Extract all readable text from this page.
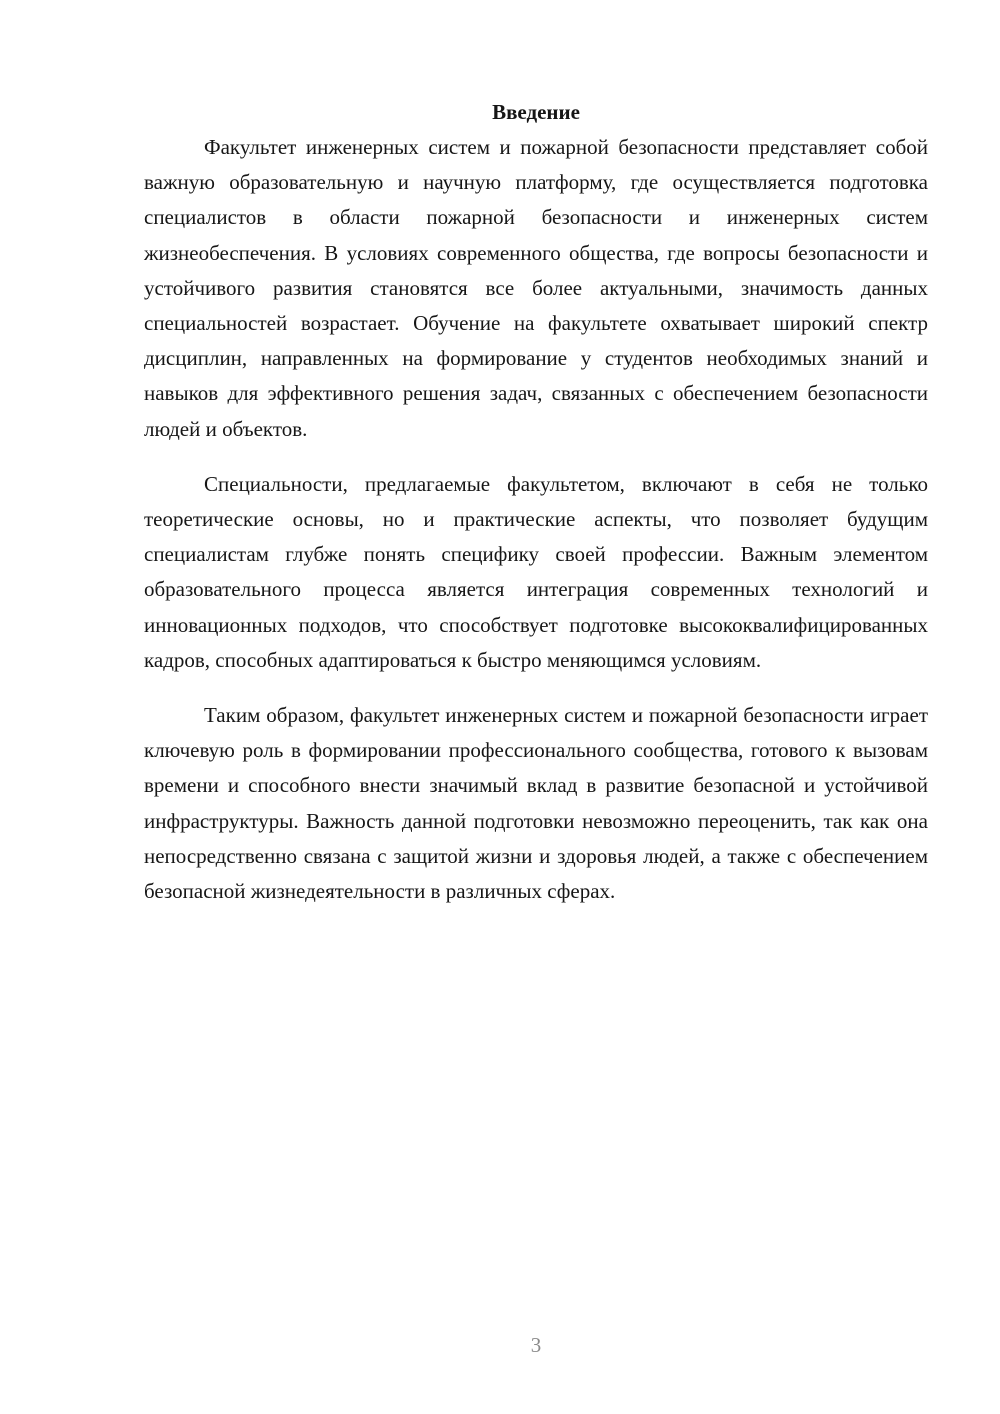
Введение

Факультет инженерных систем и пожарной безопасности представляет собой важную образовательную и научную платформу, где осуществляется подготовка специалистов в области пожарной безопасности и инженерных систем жизнеобеспечения. В условиях современного общества, где вопросы безопасности и устойчивого развития становятся все более актуальными, значимость данных специальностей возрастает. Обучение на факультете охватывает широкий спектр дисциплин, направленных на формирование у студентов необходимых знаний и навыков для эффективного решения задач, связанных с обеспечением безопасности людей и объектов.

Специальности, предлагаемые факультетом, включают в себя не только теоретические основы, но и практические аспекты, что позволяет будущим специалистам глубже понять специфику своей профессии. Важным элементом образовательного процесса является интеграция современных технологий и инновационных подходов, что способствует подготовке высококвалифицированных кадров, способных адаптироваться к быстро меняющимся условиям.

Таким образом, факультет инженерных систем и пожарной безопасности играет ключевую роль в формировании профессионального сообщества, готового к вызовам времени и способного внести значимый вклад в развитие безопасной и устойчивой инфраструктуры. Важность данной подготовки невозможно переоценить, так как она непосредственно связана с защитой жизни и здоровья людей, а также с обеспечением безопасной жизнедеятельности в различных сферах.

3
